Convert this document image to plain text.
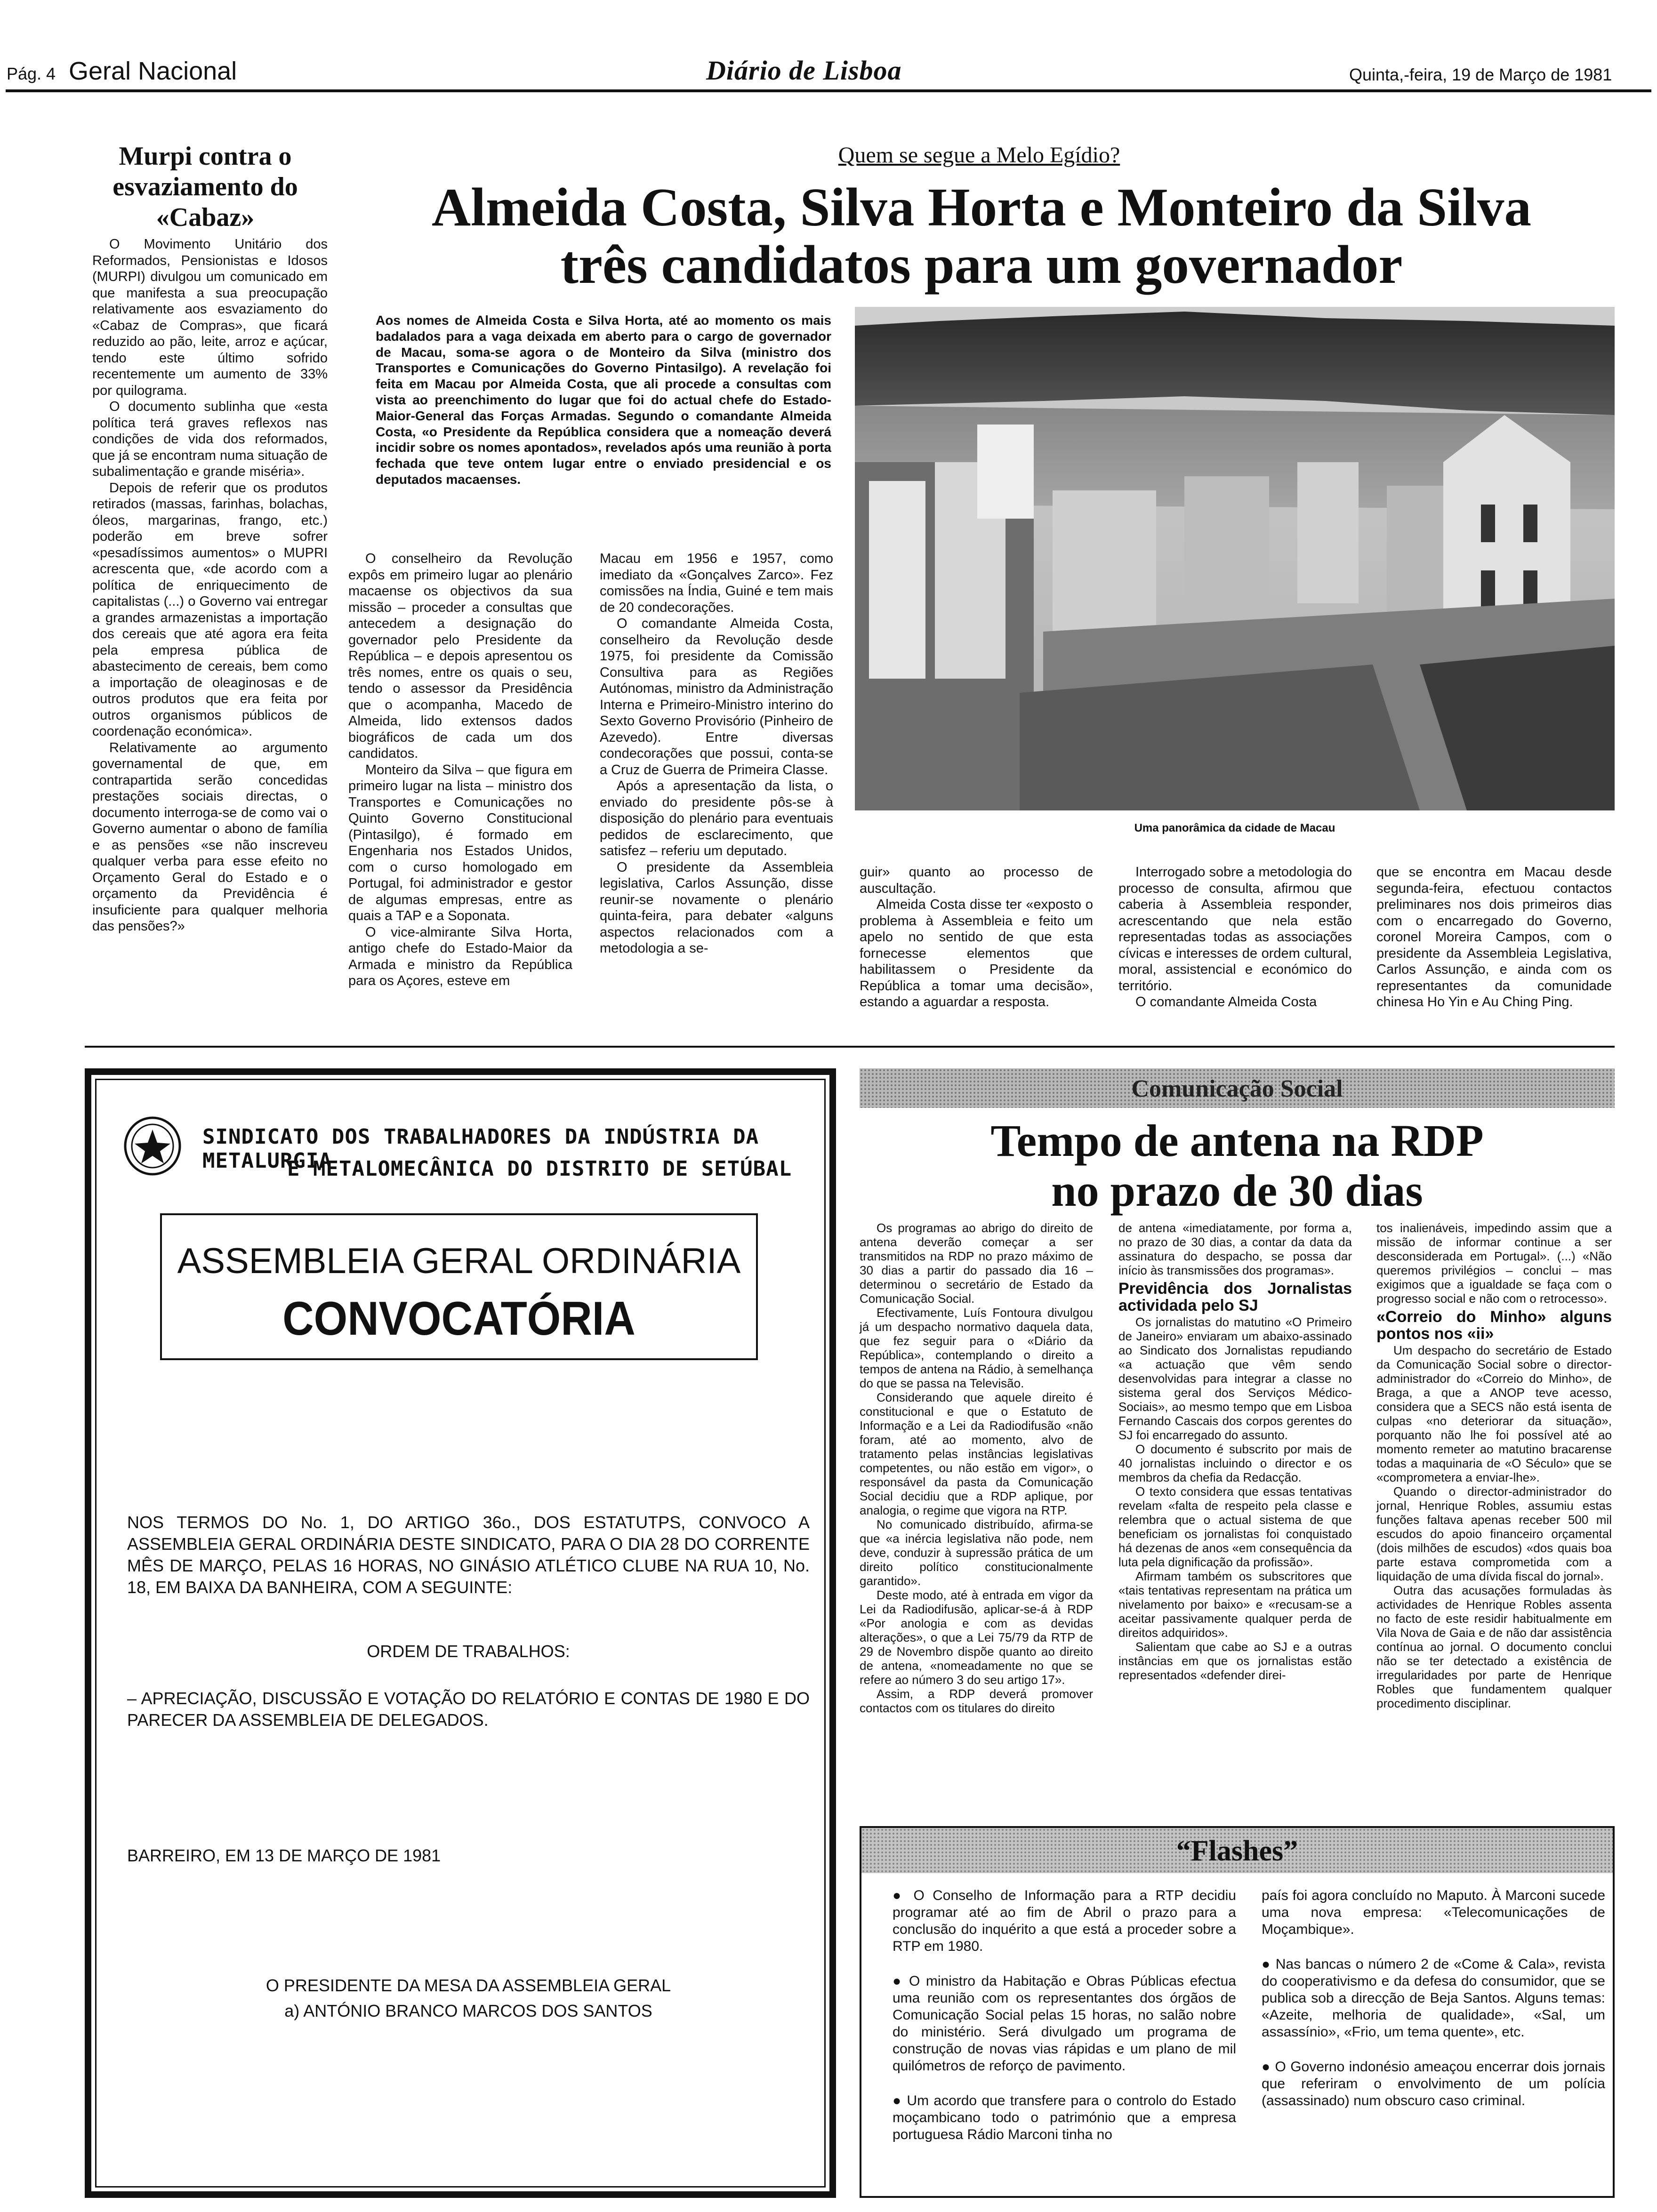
Pág. 4 Geral Nacional	Diário de Lisboa	Quinta,-feira, 19 de Março de 1981
Murpi contra o esvaziamento do «Cabaz»

O Movimento Unitário dos Reformados, Pensionistas e Idosos (MURPI) divulgou um comunicado em que manifesta a sua preocupação relativamente aos esvaziamento do «Cabaz de Compras», que ficará reduzido ao pão, leite, arroz e açúcar, tendo este último sofrido recentemente um aumento de 33% por quilograma.

O documento sublinha que «esta política terá graves reflexos nas condições de vida dos reformados, que já se encontram numa situação de subalimentação e grande miséria».

Depois de referir que os produtos retirados (massas, farinhas, bolachas, óleos, margarinas, frango, etc.) poderão em breve sofrer «pesadíssimos aumentos» o MUPRI acrescenta que, «de acordo com a política de enriquecimento de capitalistas (...) o Governo vai entregar a grandes armazenistas a importação dos cereais que até agora era feita pela empresa pública de abastecimento de cereais, bem como a importação de oleaginosas e de outros produtos que era feita por outros organismos públicos de coordenação económica».

Relativamente ao argumento governamental de que, em contrapartida serão concedidas prestações sociais directas, o documento interroga-se de como vai o Governo aumentar o abono de família e as pensões «se não inscreveu qualquer verba para esse efeito no Orçamento Geral do Estado e o orçamento da Previdência é insuficiente para qualquer melhoria das pensões?»

Quem se segue a Melo Egídio?
Almeida Costa, Silva Horta e Monteiro da Silva
três candidatos para um governador
Aos nomes de Almeida Costa e Silva Horta, até ao momento os mais badalados para a vaga deixada em aberto para o cargo de governador de Macau, soma-se agora o de Monteiro da Silva (ministro dos Transportes e Comunicações do Governo Pintasilgo). A revelação foi feita em Macau por Almeida Costa, que ali procede a consultas com vista ao preenchimento do lugar que foi do actual chefe do Estado-Maior-General das Forças Armadas. Segundo o comandante Almeida Costa, «o Presidente da República considera que a nomeação deverá incidir sobre os nomes apontados», revelados após uma reunião à porta fechada que teve ontem lugar entre o enviado presidencial e os deputados macaenses.
Uma panorâmica da cidade de Macau

O conselheiro da Revolução expôs em primeiro lugar ao plenário macaense os objectivos da sua missão – proceder a consultas que antecedem a designação do governador pelo Presidente da República – e depois apresentou os três nomes, entre os quais o seu, tendo o assessor da Presidência que o acompanha, Macedo de Almeida, lido extensos dados biográficos de cada um dos candidatos.

Monteiro da Silva – que figura em primeiro lugar na lista – ministro dos Transportes e Comunicações no Quinto Governo Constitucional (Pintasilgo), é formado em Engenharia nos Estados Unidos, com o curso homologado em Portugal, foi administrador e gestor de algumas empresas, entre as quais a TAP e a Soponata.

O vice-almirante Silva Horta, antigo chefe do Estado-Maior da Armada e ministro da República para os Açores, esteve em

Macau em 1956 e 1957, como imediato da «Gonçalves Zarco». Fez comissões na Índia, Guiné e tem mais de 20 condecorações.

O comandante Almeida Costa, conselheiro da Revolução desde 1975, foi presidente da Comissão Consultiva para as Regiões Autónomas, ministro da Administração Interna e Primeiro-Ministro interino do Sexto Governo Provisório (Pinheiro de Azevedo). Entre diversas condecorações que possui, conta-se a Cruz de Guerra de Primeira Classe.

Após a apresentação da lista, o enviado do presidente pôs-se à disposição do plenário para eventuais pedidos de esclarecimento, que satisfez – referiu um deputado.

O presidente da Assembleia legislativa, Carlos Assunção, disse reunir-se novamente o plenário quinta-feira, para debater «alguns aspectos relacionados com a metodologia a se-

guir» quanto ao processo de auscultação.

Almeida Costa disse ter «exposto o problema à Assembleia e feito um apelo no sentido de que esta fornecesse elementos que habilitassem o Presidente da República a tomar uma decisão», estando a aguardar a resposta.

Interrogado sobre a metodologia do processo de consulta, afirmou que caberia à Assembleia responder, acrescentando que nela estão representadas todas as associações cívicas e interesses de ordem cultural, moral, assistencial e económico do território.

O comandante Almeida Costa

que se encontra em Macau desde segunda-feira, efectuou contactos preliminares nos dois primeiros dias com o encarregado do Governo, coronel Moreira Campos, com o presidente da Assembleia Legislativa, Carlos Assunção, e ainda com os representantes da comunidade chinesa Ho Yin e Au Ching Ping.

SINDICATO DOS TRABALHADORES DA INDÚSTRIA DA METALURGIA
E METALOMECÂNICA DO DISTRITO DE SETÚBAL
ASSEMBLEIA GERAL ORDINÁRIA
CONVOCATÓRIA
NOS TERMOS DO No. 1, DO ARTIGO 36o., DOS ESTATUTPS, CONVOCO A ASSEMBLEIA GERAL ORDINÁRIA DESTE SINDICATO, PARA O DIA 28 DO CORRENTE MÊS DE MARÇO, PELAS 16 HORAS, NO GINÁSIO ATLÉTICO CLUBE NA RUA 10, No. 18, EM BAIXA DA BANHEIRA, COM A SEGUINTE:
ORDEM DE TRABALHOS:
– APRECIAÇÃO, DISCUSSÃO E VOTAÇÃO DO RELATÓRIO E CONTAS DE 1980 E DO PARECER DA ASSEMBLEIA DE DELEGADOS.
BARREIRO, EM 13 DE MARÇO DE 1981
O PRESIDENTE DA MESA DA ASSEMBLEIA GERAL
a) ANTÓNIO BRANCO MARCOS DOS SANTOS
Comunicação Social
Tempo de antena na RDP
no prazo de 30 dias

Os programas ao abrigo do direito de antena deverão começar a ser transmitidos na RDP no prazo máximo de 30 dias a partir do passado dia 16 – determinou o secretário de Estado da Comunicação Social.

Efectivamente, Luís Fontoura divulgou já um despacho normativo daquela data, que fez seguir para o «Diário da República», contemplando o direito a tempos de antena na Rádio, à semelhança do que se passa na Televisão.

Considerando que aquele direito é constitucional e que o Estatuto de Informação e a Lei da Radiodifusão «não foram, até ao momento, alvo de tratamento pelas instâncias legislativas competentes, ou não estão em vigor», o responsável da pasta da Comunicação Social decidiu que a RDP aplique, por analogia, o regime que vigora na RTP.

No comunicado distribuído, afirma-se que «a inércia legislativa não pode, nem deve, conduzir à supressão prática de um direito político constitucionalmente garantido».

Deste modo, até à entrada em vigor da Lei da Radiodifusão, aplicar-se-á à RDP «Por anologia e com as devidas alterações», o que a Lei 75/79 da RTP de 29 de Novembro dispõe quanto ao direito de antena, «nomeadamente no que se refere ao número 3 do seu artigo 17».

Assim, a RDP deverá promover contactos com os titulares do direito

de antena «imediatamente, por forma a, no prazo de 30 dias, a contar da data da assinatura do despacho, se possa dar início às transmissões dos programas».

Previdência dos Jornalistas actividada pelo SJ

Os jornalistas do matutino «O Primeiro de Janeiro» enviaram um abaixo-assinado ao Sindicato dos Jornalistas repudiando «a actuação que vêm sendo desenvolvidas para integrar a classe no sistema geral dos Serviços Médico-Sociais», ao mesmo tempo que em Lisboa Fernando Cascais dos corpos gerentes do SJ foi encarregado do assunto.

O documento é subscrito por mais de 40 jornalistas incluindo o director e os membros da chefia da Redacção.

O texto considera que essas tentativas revelam «falta de respeito pela classe e relembra que o actual sistema de que beneficiam os jornalistas foi conquistado há dezenas de anos «em consequência da luta pela dignificação da profissão».

Afirmam também os subscritores que «tais tentativas representam na prática um nivelamento por baixo» e «recusam-se a aceitar passivamente qualquer perda de direitos adquiridos».

Salientam que cabe ao SJ e a outras instâncias em que os jornalistas estão representados «defender direi-

tos inalienáveis, impedindo assim que a missão de informar continue a ser desconsiderada em Portugal». (...) «Não queremos privilégios – conclui – mas exigimos que a igualdade se faça com o progresso social e não com o retrocesso».

«Correio do Minho» alguns pontos nos «ii»

Um despacho do secretário de Estado da Comunicação Social sobre o director-administrador do «Correio do Minho», de Braga, a que a ANOP teve acesso, considera que a SECS não está isenta de culpas «no deteriorar da situação», porquanto não lhe foi possível até ao momento remeter ao matutino bracarense todas a maquinaria de «O Século» que se «comprometera a enviar-lhe».

Quando o director-administrador do jornal, Henrique Robles, assumiu estas funções faltava apenas receber 500 mil escudos do apoio financeiro orçamental (dois milhões de escudos) «dos quais boa parte estava comprometida com a liquidação de uma dívida fiscal do jornal».

Outra das acusações formuladas às actividades de Henrique Robles assenta no facto de este residir habitualmente em Vila Nova de Gaia e de não dar assistência contínua ao jornal. O documento conclui não se ter detectado a existência de irregularidades por parte de Henrique Robles que fundamentem qualquer procedimento disciplinar.

“Flashes”

● O Conselho de Informação para a RTP decidiu programar até ao fim de Abril o prazo para a conclusão do inquérito a que está a proceder sobre a RTP em 1980.

● O ministro da Habitação e Obras Públicas efectua uma reunião com os representantes dos órgãos de Comunicação Social pelas 15 horas, no salão nobre do ministério. Será divulgado um programa de construção de novas vias rápidas e um plano de mil quilómetros de reforço de pavimento.

● Um acordo que transfere para o controlo do Estado moçambicano todo o património que a empresa portuguesa Rádio Marconi tinha no

país foi agora concluído no Maputo. À Marconi sucede uma nova empresa: «Telecomunicações de Moçambique».

● Nas bancas o número 2 de «Come & Cala», revista do cooperativismo e da defesa do consumidor, que se publica sob a direcção de Beja Santos. Alguns temas: «Azeite, melhoria de qualidade», «Sal, um assassínio», «Frio, um tema quente», etc.

● O Governo indonésio ameaçou encerrar dois jornais que referiram o envolvimento de um polícia (assassinado) num obscuro caso criminal.
